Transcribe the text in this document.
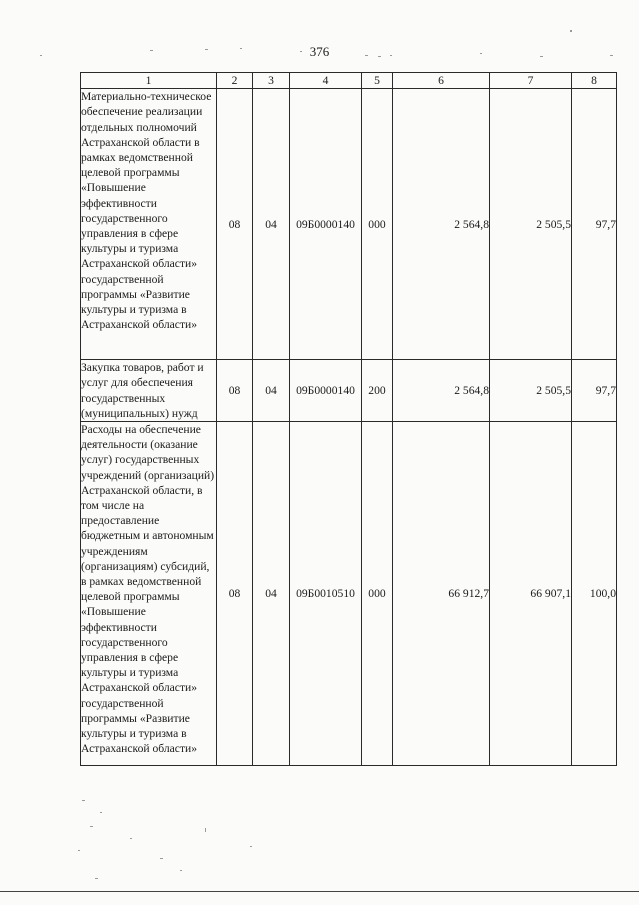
376
1	2	3	4	5	6	7	8
Материально-техническое обеспечение реализации отдельных полномочий Астраханской области в рамках ведомственной целевой программы «Повышение эффективности государственного управления в сфере культуры и туризма Астраханской области» государственной программы «Развитие культуры и туризма в Астраханской области»	08	04	09Б0000140	000	2 564,8	2 505,5	97,7
Закупка товаров, работ и услуг для обеспечения государственных (муниципальных) нужд	08	04	09Б0000140	200	2 564,8	2 505,5	97,7
Расходы на обеспечение деятельности (оказание услуг) государственных учреждений (организаций) Астраханской области, в том числе на предоставление бюджетным и автономным учреждениям (организациям) субсидий, в рамках ведомственной целевой программы «Повышение эффективности государственного управления в сфере культуры и туризма Астраханской области» государственной программы «Развитие культуры и туризма в Астраханской области»	08	04	09Б0010510	000	66 912,7	66 907,1	100,0
